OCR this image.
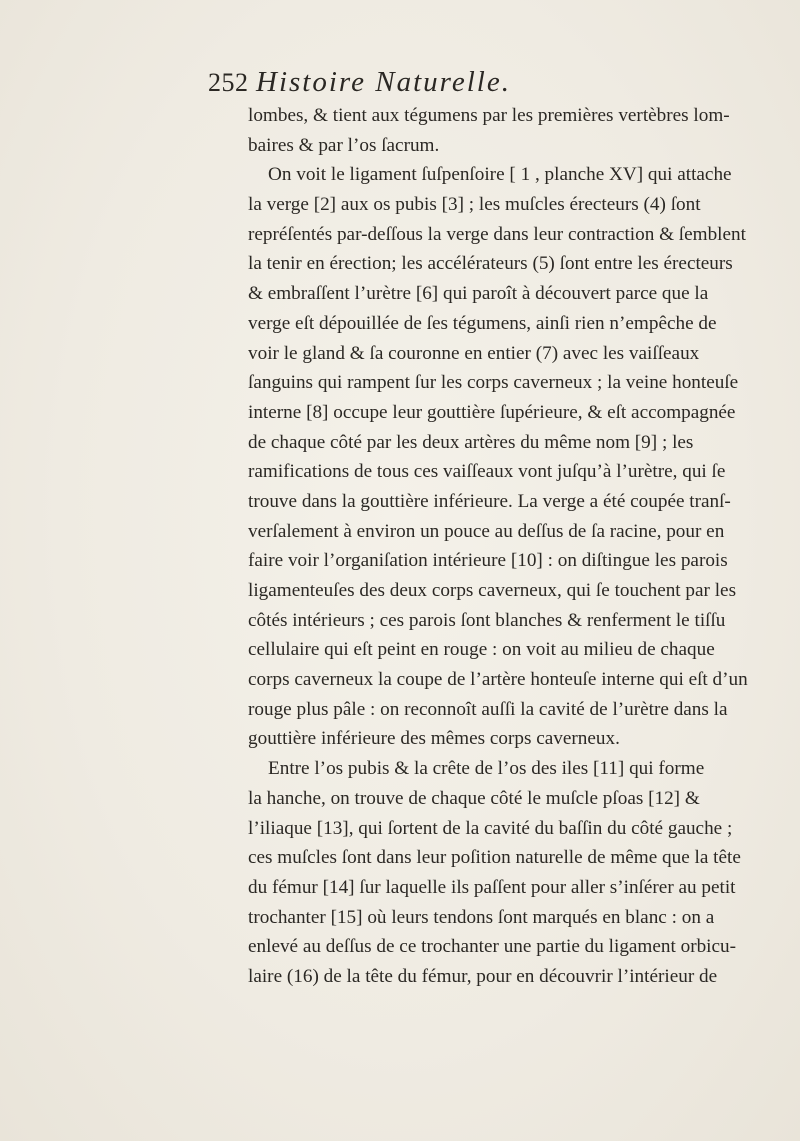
252 Histoire Naturelle.
lombes, & tient aux tégumens par les premières vertèbres lom-
baires & par l’os ſacrum.
On voit le ligament ſuſpenſoire [ 1 , planche XV] qui attache
la verge [2] aux os pubis [3] ; les muſcles érecteurs (4) ſont
repréſentés par-deſſous la verge dans leur contraction & ſemblent
la tenir en érection; les accélérateurs (5) ſont entre les érecteurs
& embraſſent l’urètre [6] qui paroît à découvert parce que la
verge eſt dépouillée de ſes tégumens, ainſi rien n’empêche de
voir le gland & ſa couronne en entier (7) avec les vaiſſeaux
ſanguins qui rampent ſur les corps caverneux ; la veine honteuſe
interne [8] occupe leur gouttière ſupérieure, & eſt accompagnée
de chaque côté par les deux artères du même nom [9] ; les
ramifications de tous ces vaiſſeaux vont juſqu’à l’urètre, qui ſe
trouve dans la gouttière inférieure. La verge a été coupée tranſ-
verſalement à environ un pouce au deſſus de ſa racine, pour en
faire voir l’organiſation intérieure [10] : on diſtingue les parois
ligamenteuſes des deux corps caverneux, qui ſe touchent par les
côtés intérieurs ; ces parois ſont blanches & renferment le tiſſu
cellulaire qui eſt peint en rouge : on voit au milieu de chaque
corps caverneux la coupe de l’artère honteuſe interne qui eſt d’un
rouge plus pâle : on reconnoît auſſi la cavité de l’urètre dans la
gouttière inférieure des mêmes corps caverneux.
Entre l’os pubis & la crête de l’os des iles [11] qui forme
la hanche, on trouve de chaque côté le muſcle pſoas [12] &
l’iliaque [13], qui ſortent de la cavité du baſſin du côté gauche ;
ces muſcles ſont dans leur poſition naturelle de même que la tête
du fémur [14] ſur laquelle ils paſſent pour aller s’inſérer au petit
trochanter [15] où leurs tendons ſont marqués en blanc : on a
enlevé au deſſus de ce trochanter une partie du ligament orbicu-
laire (16) de la tête du fémur, pour en découvrir l’intérieur de
